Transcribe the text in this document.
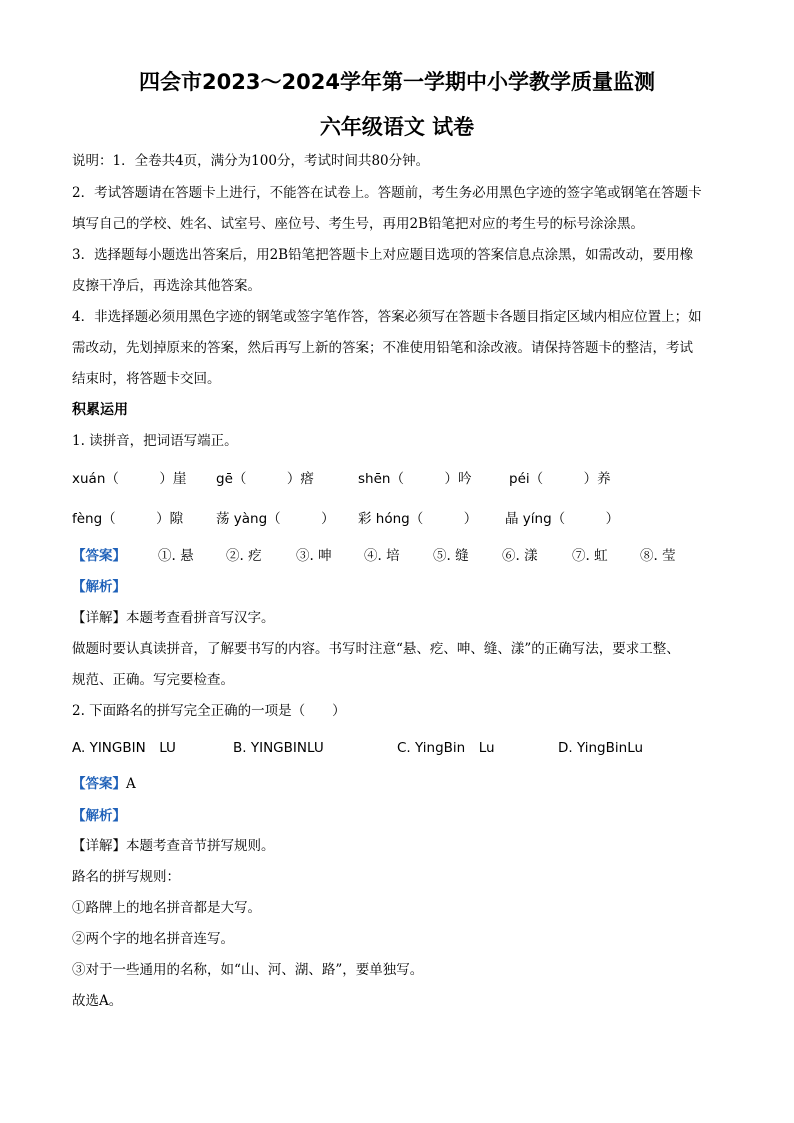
四会市2023～2024学年第一学期中小学教学质量监测
六年级语文 试卷

说明：1．全卷共4页，满分为100分，考试时间共80分钟。

2．考试答题请在答题卡上进行，不能答在试卷上。答题前，考生务必用黑色字迹的签字笔或钢笔在答题卡

填写自己的学校、姓名、试室号、座位号、考生号，再用2B铅笔把对应的考生号的标号涂涂黑。

3．选择题每小题选出答案后，用2B铅笔把答题卡上对应题目选项的答案信息点涂黑，如需改动，要用橡

皮擦干净后，再选涂其他答案。

4．非选择题必须用黑色字迹的钢笔或签字笔作答，答案必须写在答题卡各题目指定区域内相应位置上；如

需改动，先划掉原来的答案，然后再写上新的答案；不准使用铅笔和涂改液。请保持答题卡的整洁，考试

结束时，将答题卡交回。

积累运用

1. 读拼音，把词语写端正。

xuán（　　　）崖 gē（　　　）瘩	shēn（　　　）吟	péi（　　　）养
fèng（　　　）隙 荡 yàng（　　　） 彩 hóng（　　　） 晶 yíng（　　　）
【答案】 ①. 悬 ②. 疙	③. 呻 ④. 培 ⑤. 缝 ⑥. 漾	⑦. 虹 ⑧. 莹

【解析】

【详解】本题考查看拼音写汉字。

做题时要认真读拼音，了解要书写的内容。书写时注意“悬、疙、呻、缝、漾”的正确写法，要求工整、

规范、正确。写完要检查。

2. 下面路名的拼写完全正确的一项是（　　）

A. YINGBIN　LU	B. YINGBINLU	C. YingBin　Lu	D. YingBinLu

【答案】A

【解析】

【详解】本题考查音节拼写规则。

路名的拼写规则：

①路牌上的地名拼音都是大写。

②两个字的地名拼音连写。

③对于一些通用的名称，如“山、河、湖、路”，要单独写。

故选A。
